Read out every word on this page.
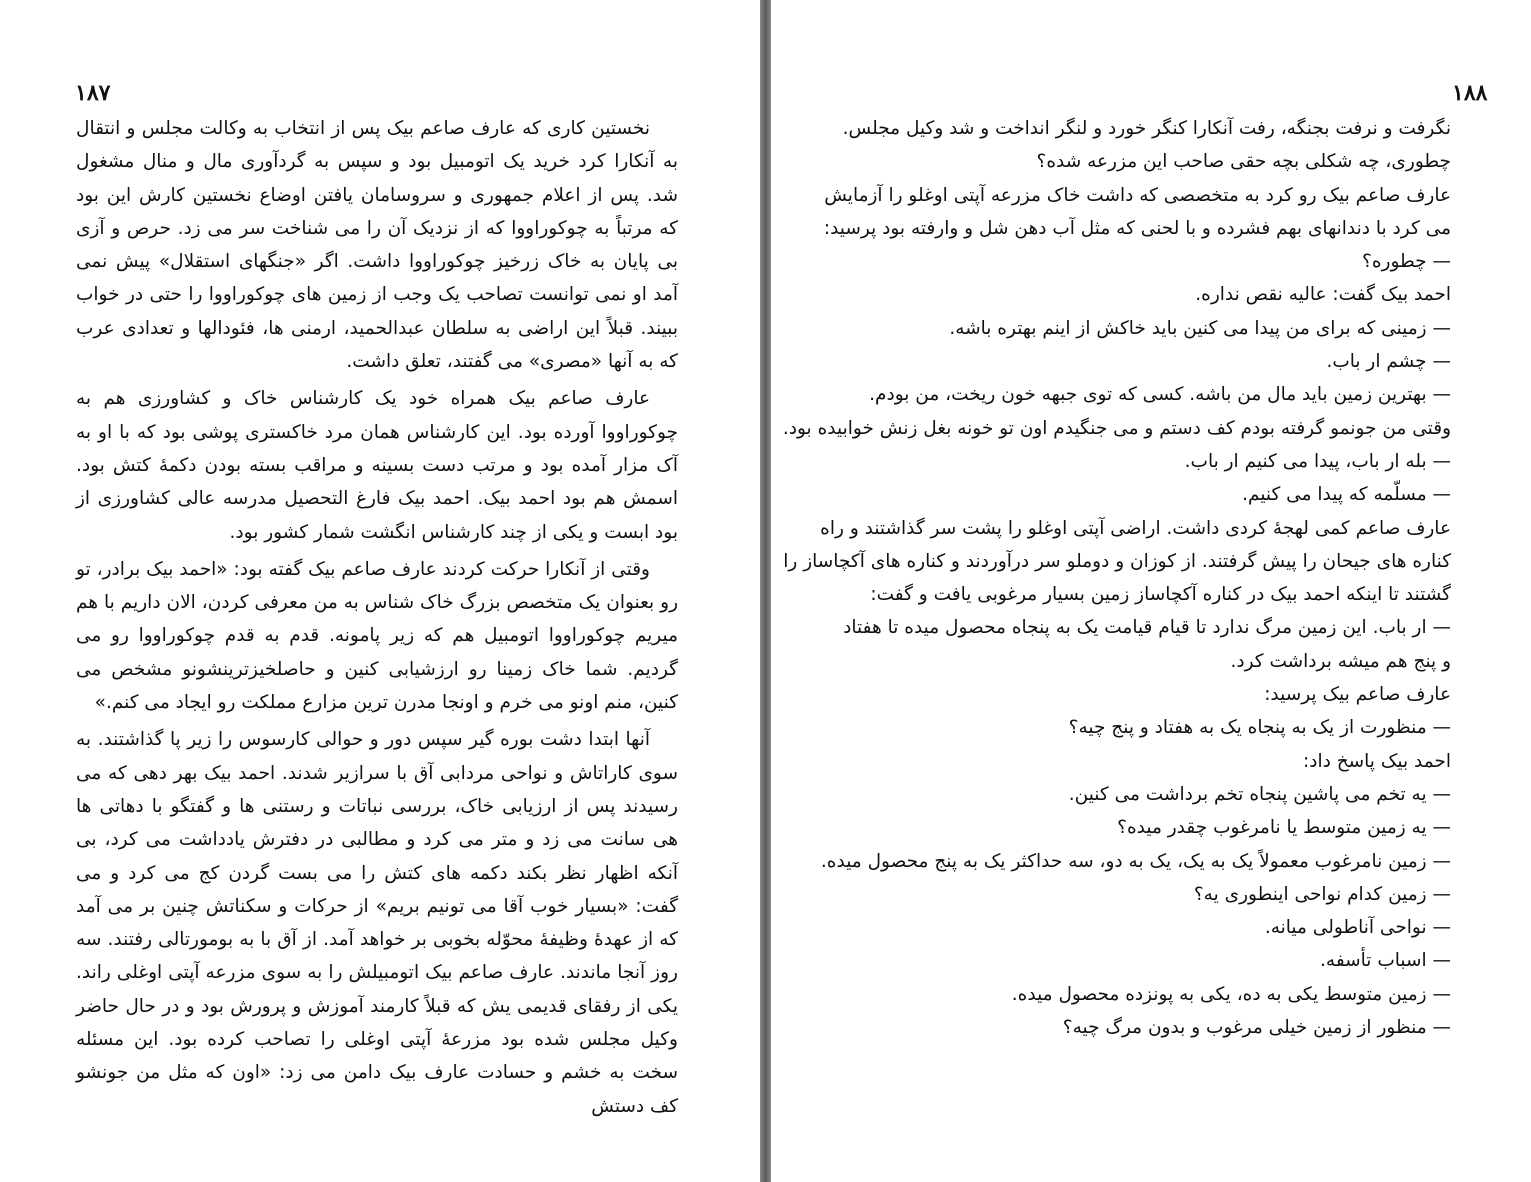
۱۸۷

نخستین کاری که عارف صاعم بیک پس از انتخاب به وکالت مجلس و انتقال به آنکارا کرد خرید یک اتومبیل بود و سپس به گردآوری مال و منال مشغول شد. پس از اعلام جمهوری و سروسامان یافتن اوضاع نخستین کارش این بود که مرتباً به چوکوراووا که از نزدیک آن را می شناخت سر می زد. حرص و آزی بی پایان به خاک زرخیز چوکوراووا داشت. اگر «جنگهای استقلال» پیش نمی آمد او نمی توانست تصاحب یک وجب از زمین های چوکوراووا را حتی در خواب ببیند. قبلاً این اراضی به سلطان عبدالحمید، ارمنی ها، فئودالها و تعدادی عرب که به آنها «مصری» می گفتند، تعلق داشت.

عارف صاعم بیک همراه خود یک کارشناس خاک و کشاورزی هم به چوکوراووا آورده بود. این کارشناس همان مرد خاکستری پوشی بود که با او به آک مزار آمده بود و مرتب دست بسینه و مراقب بسته بودن دکمهٔ کتش بود. اسمش هم بود احمد بیک. احمد بیک فارغ التحصیل مدرسه عالی کشاورزی از بود ابست و یکی از چند کارشناس انگشت شمار کشور بود.

وقتی از آنکارا حرکت کردند عارف صاعم بیک گفته بود: «احمد بیک برادر، تو رو بعنوان یک متخصص بزرگ خاک شناس به من معرفی کردن، الان داریم با هم میریم چوکوراووا اتومبیل هم که زیر پامونه. قدم به قدم چوکوراووا رو می گردیم. شما خاک زمینا رو ارزشیابی کنین و حاصلخیزترینشونو مشخص می کنین، منم اونو می خرم و اونجا مدرن ترین مزارع مملکت رو ایجاد می کنم.»

آنها ابتدا دشت بوره گیر سپس دور و حوالی کارسوس را زیر پا گذاشتند. به سوی کاراتاش و نواحی مردابی آق با سرازیر شدند. احمد بیک بهر دهی که می رسیدند پس از ارزیابی خاک، بررسی نباتات و رستنی ها و گفتگو با دهاتی ها هی سانت می زد و متر می کرد و مطالبی در دفترش یادداشت می کرد، بی آنکه اظهار نظر بکند دکمه های کتش را می بست گردن کج می کرد و می گفت: «بسیار خوب آقا می تونیم بریم» از حرکات و سکناتش چنین بر می آمد که از عهدهٔ وظیفهٔ محوّله بخوبی بر خواهد آمد. از آق با به بومورتالی رفتند. سه روز آنجا ماندند. عارف صاعم بیک اتومبیلش را به سوی مزرعه آپتی اوغلی راند. یکی از رفقای قدیمی یش که قبلاً کارمند آموزش و پرورش بود و در حال حاضر وکیل مجلس شده بود مزرعهٔ آپتی اوغلی را تصاحب کرده بود. این مسئله سخت به خشم و حسادت عارف بیک دامن می زد: «اون که مثل من جونشو کف دستش

۱۸۸
نگرفت و نرفت بجنگه، رفت آنکارا کنگر خورد و لنگر انداخت و شد وکیل مجلس.
چطوری، چه شکلی بچه حقی صاحب این مزرعه شده؟
عارف صاعم بیک رو کرد به متخصصی که داشت خاک مزرعه آپتی اوغلو را آزمایش
می کرد با دندانهای بهم فشرده و با لحنی که مثل آب دهن شل و وارفته بود پرسید:
— چطوره؟
احمد بیک گفت: عالیه نقص نداره.
— زمینی که برای من پیدا می کنین باید خاکش از اینم بهتره باشه.
— چشم ار باب.
— بهترین زمین باید مال من باشه. کسی که توی جبهه خون ریخت، من بودم.
وقتی من جونمو گرفته بودم کف دستم و می جنگیدم اون تو خونه بغل زنش خوابیده بود.
— بله ار باب، پیدا می کنیم ار باب.
— مسلّمه که پیدا می کنیم.
عارف صاعم کمی لهجهٔ کردی داشت. اراضی آپتی اوغلو را پشت سر گذاشتند و راه
کناره های جیحان را پیش گرفتند. از کوزان و دوملو سر درآوردند و کناره های آکچاساز را
گشتند تا اینکه احمد بیک در کناره آکچاساز زمین بسیار مرغوبی یافت و گفت:
— ار باب. این زمین مرگ ندارد تا قیام قیامت یک به پنجاه محصول میده تا هفتاد
و پنج هم میشه برداشت کرد.
عارف صاعم بیک پرسید:
— منظورت از یک به پنجاه یک به هفتاد و پنج چیه؟
احمد بیک پاسخ داد:
— یه تخم می پاشین پنجاه تخم برداشت می کنین.
— یه زمین متوسط یا نامرغوب چقدر میده؟
— زمین نامرغوب معمولاً یک به یک، یک به دو، سه حداکثر یک به پنج محصول میده.
— زمین کدام نواحی اینطوری یه؟
— نواحی آناطولی میانه.
— اسباب تأسفه.
— زمین متوسط یکی به ده، یکی به پونزده محصول میده.
— منظور از زمین خیلی مرغوب و بدون مرگ چیه؟
